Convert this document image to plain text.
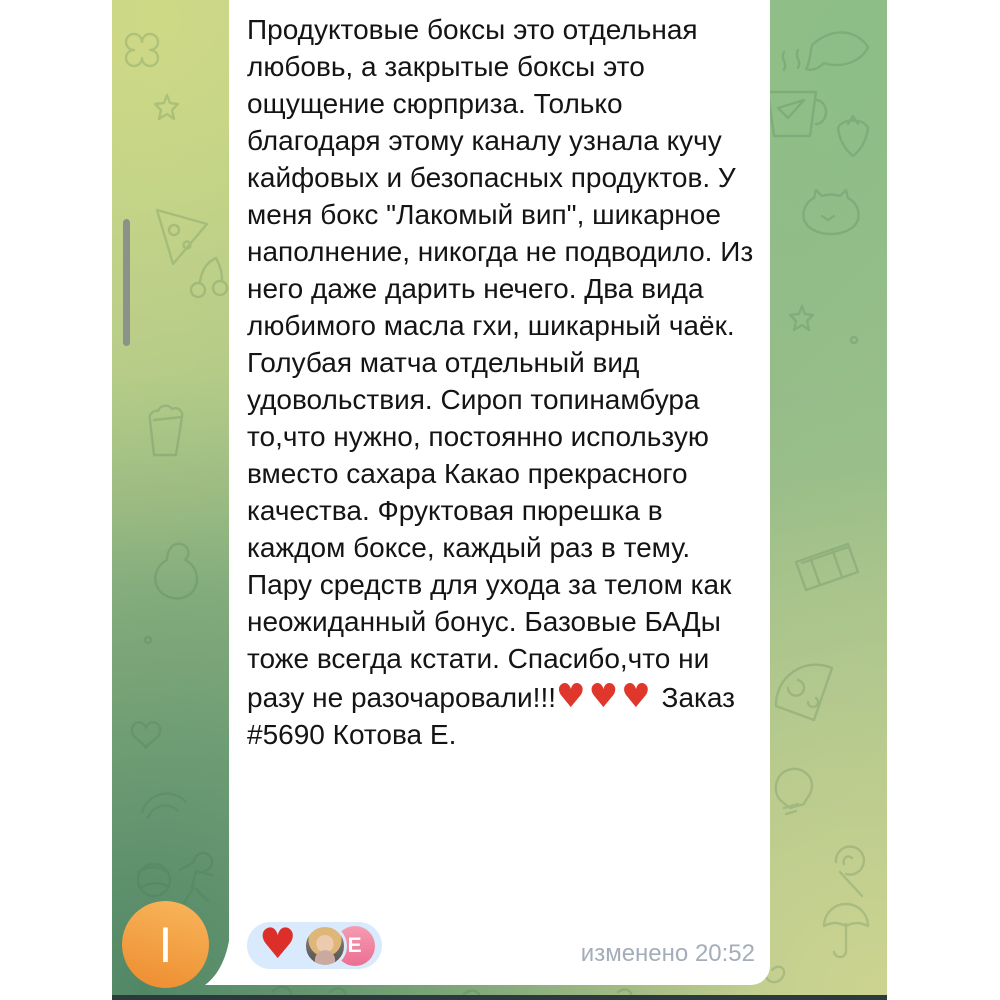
Продуктовые боксы это отдельная любовь, а закрытые боксы это ощущение сюрприза. Только благодаря этому каналу узнала кучу кайфовых и безопасных продуктов. У меня бокс "Лакомый вип", шикарное наполнение, никогда не подводило. Из него даже дарить нечего. Два вида любимого масла гхи, шикарный чаёк. Голубая матча отдельный вид удовольствия. Сироп топинамбура то,что нужно, постоянно использую вместо сахара Какао прекрасного качества. Фруктовая пюрешка в каждом боксе, каждый раз в тему. Пару средств для ухода за телом как неожиданный бонус. Базовые БАДы тоже всегда кстати. Спасибо,что ни разу не разочаровали!!!♥♥♥ Заказ #5690 Котова Е.

♥	E	изменено 20:52
I
